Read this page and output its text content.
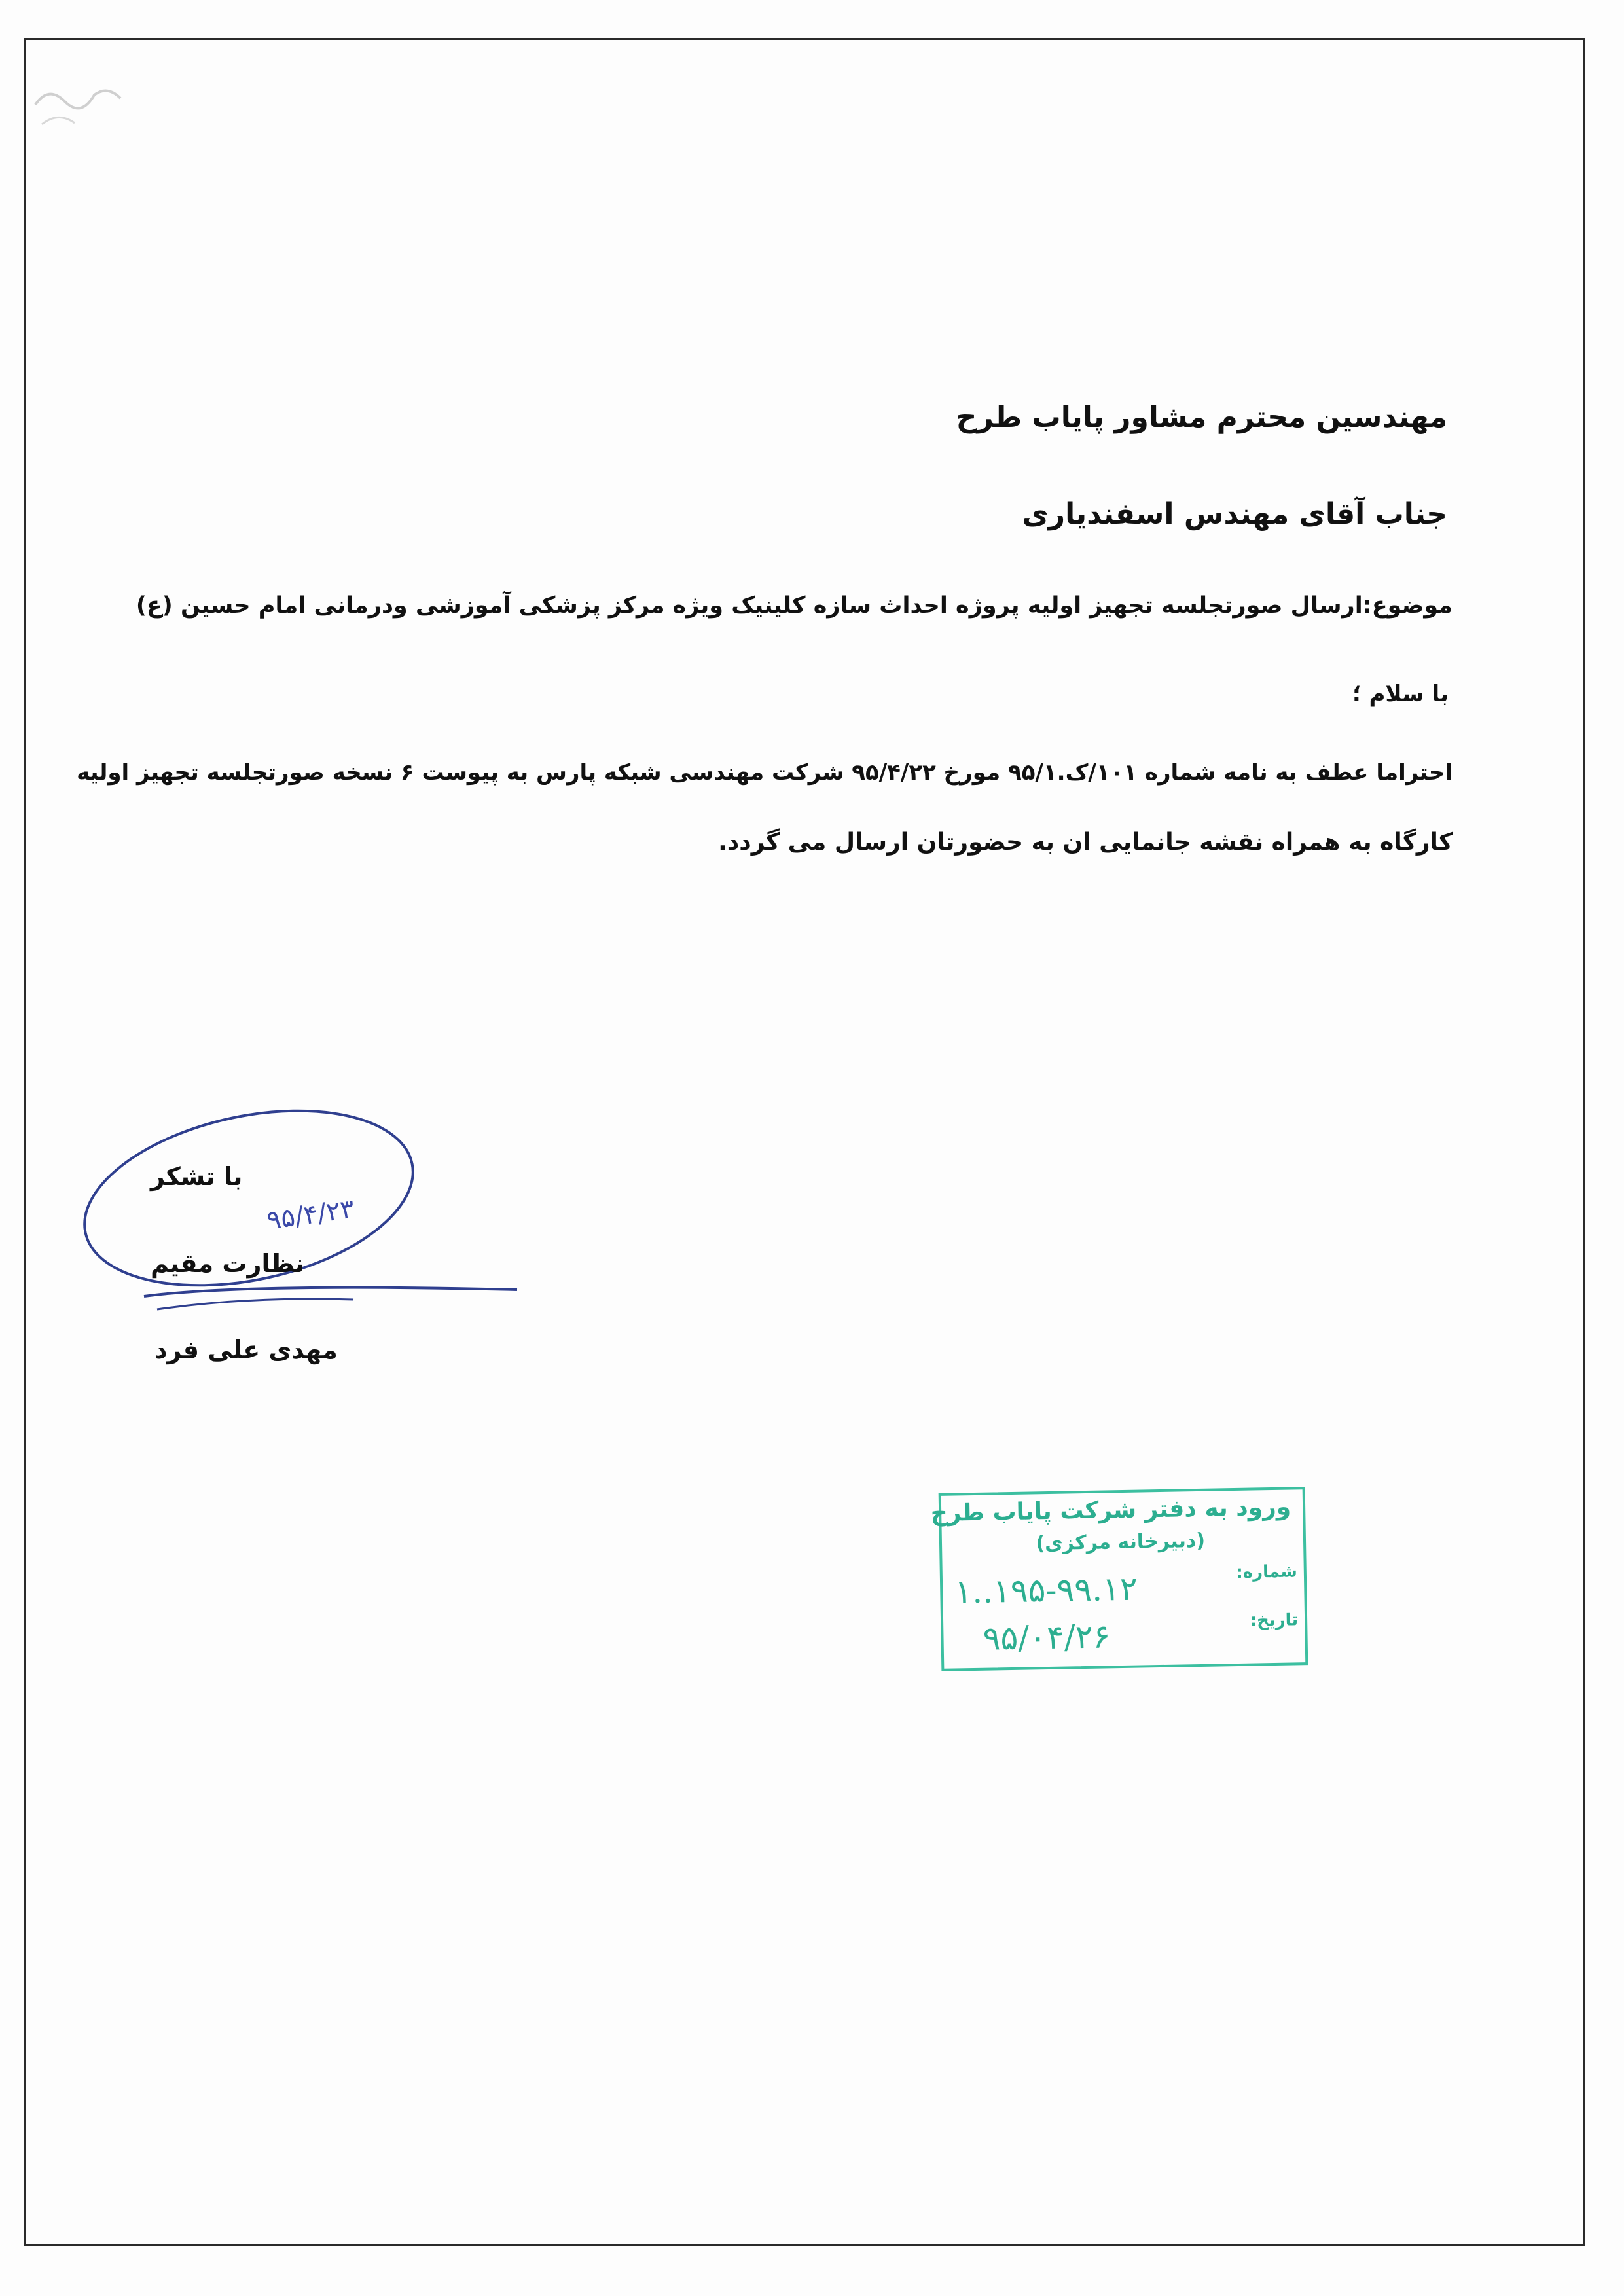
مهندسین محترم مشاور پایاب طرح
جناب آقای مهندس اسفندیاری
موضوع:ارسال صورتجلسه تجهیز اولیه پروژه احداث سازه کلینیک ویژه مرکز پزشکی آموزشی ودرمانی امام حسین (ع)
با سلام ؛
احتراما عطف به نامه شماره ۱۰۱/ک.۹۵/۱ مورخ ۹۵/۴/۲۲ شرکت مهندسی شبکه پارس به پیوست ۶ نسخه صورتجلسه تجهیز اولیه
کارگاه به همراه نقشه جانمایی ان به حضورتان ارسال می گردد.
با تشکر
۹۵/۴/۲۳
نظارت مقیم
مهدی علی فرد
ورود به دفتر شرکت پایاب طرح
(دبیرخانه مرکزی)
شماره:
۱..۱۹۵-۹۹.۱۲
تاریخ:
۹۵/۰۴/۲۶
